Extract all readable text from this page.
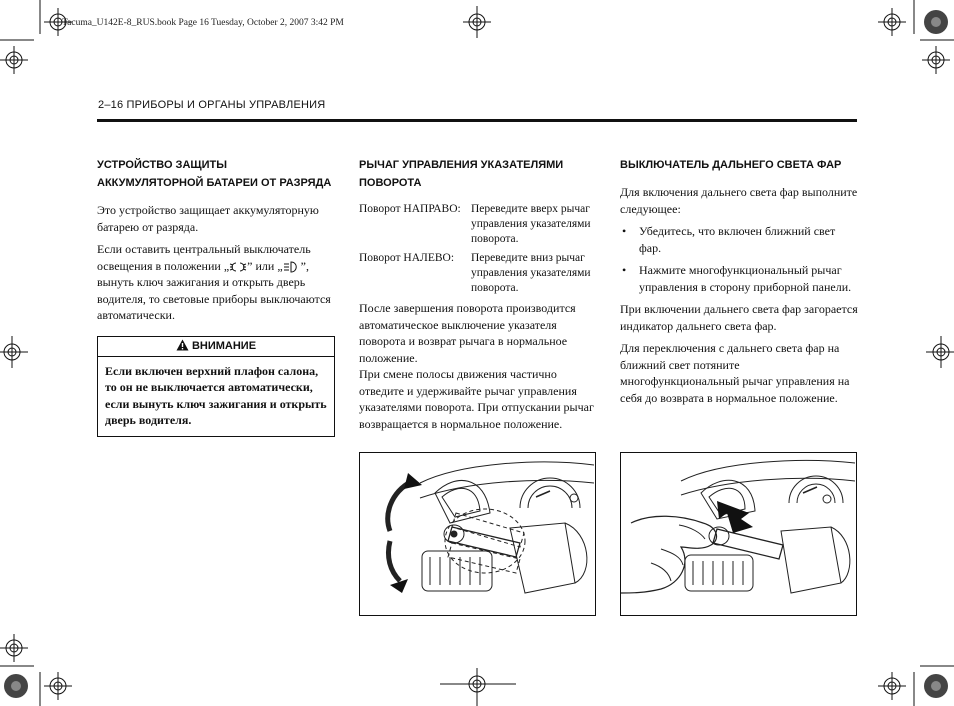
Tacuma_U142E-8_RUS.book Page 16 Tuesday, October 2, 2007 3:42 PM
2–16 ПРИБОРЫ И ОРГАНЫ УПРАВЛЕНИЯ
УСТРОЙСТВО ЗАЩИТЫ АККУМУЛЯТОРНОЙ БАТАРЕИ ОТ РАЗРЯДА

Это устройство защищает аккумуляторную батарею от разряда.

Если оставить центральный выключатель освещения в положении „ ” или „ ”, вынуть ключ зажигания и открыть дверь водителя, то световые приборы выключаются автоматически.

ВНИМАНИЕ
Если включен верхний плафон салона, то он не выключается автоматически, если вынуть ключ зажигания и открыть дверь водителя.
РЫЧАГ УПРАВЛЕНИЯ УКАЗАТЕЛЯМИ ПОВОРОТА
Поворот НАПРАВО: Переведите вверх рычаг управления указателями поворота.
Поворот НАЛЕВО:	Переведите вниз рычаг управления указателями поворота.

После завершения поворота производится автоматическое выключение указателя поворота и возврат рычага в нормальное положение.

При смене полосы движения частично отведите и удерживайте рычаг управления указателями поворота. При отпускании рычаг возвращается в нормальное положение.

ВЫКЛЮЧАТЕЛЬ ДАЛЬНЕГО СВЕТА ФАР

Для включения дальнего света фар выполните следующее:

• Убедитесь, что включен ближний свет фар.
• Нажмите многофункциональный рычаг управления в сторону приборной панели.

При включении дальнего света фар загорается индикатор дальнего света фар.

Для переключения с дальнего света фар на ближний свет потяните многофункциональный рычаг управления на себя до возврата в нормальное положение.
